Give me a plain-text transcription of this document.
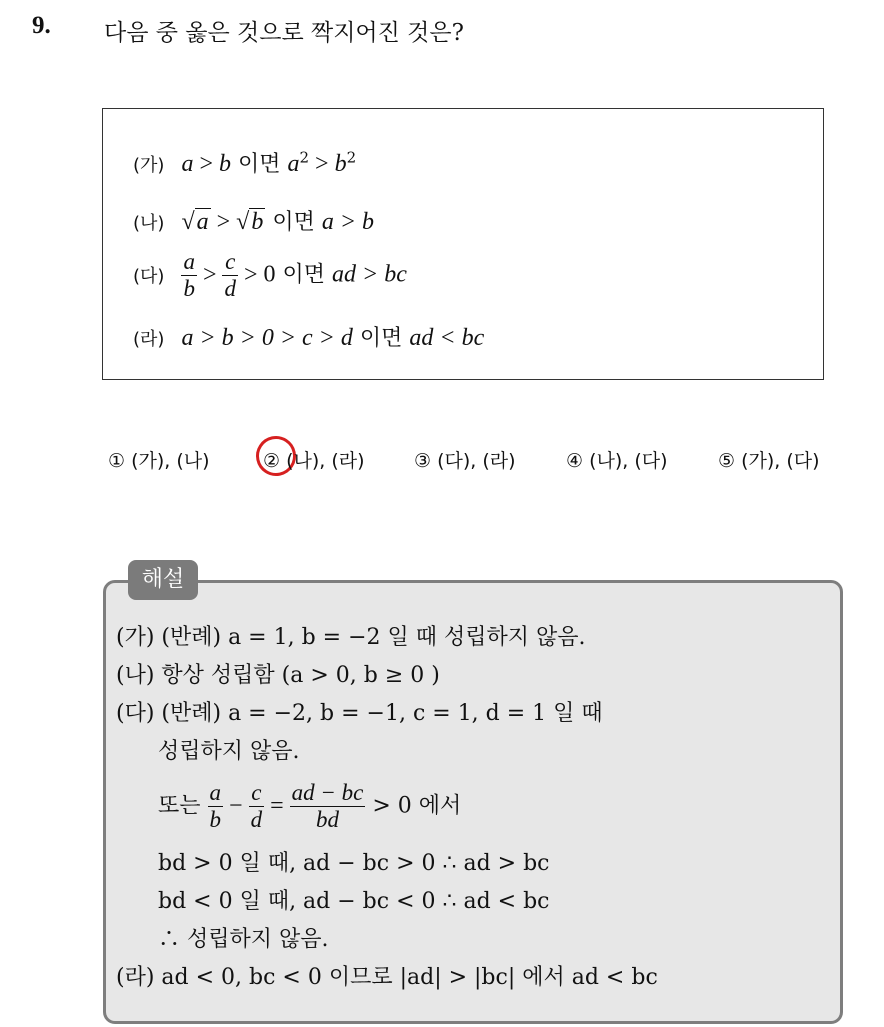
9. 다음 중 옳은 것으로 짝지어진 것은?
(가) a > b 이면 $a^2 > b^2$
(나) √a > √b 이면 a > b
(다) $\frac{a}{b} > \frac{c}{d} > 0$ 이면 ad > bc
(라) a > b > 0 > c > d 이면 ad < bc
① (가), (나)	② (나), (라)	③ (다), (라)	④ (나), (다)	⑤ (가), (다)
해설
(가) (반례) a = 1, b = −2 일 때 성립하지 않음.
(나) 항상 성립함 (a > 0, b ≥ 0 )
(다) (반례) a = −2, b = −1, c = 1, d = 1 일 때
성립하지 않음.
또는 $\frac{a}{b} - \frac{c}{d} = \frac{ad - bc}{bd} > 0$ 에서
bd > 0 일 때, ad − bc > 0 ∴ ad > bc
bd < 0 일 때, ad − bc < 0 ∴ ad < bc
∴ 성립하지 않음.
(라) ad < 0, bc < 0 이므로 |ad| > |bc| 에서 ad < bc
